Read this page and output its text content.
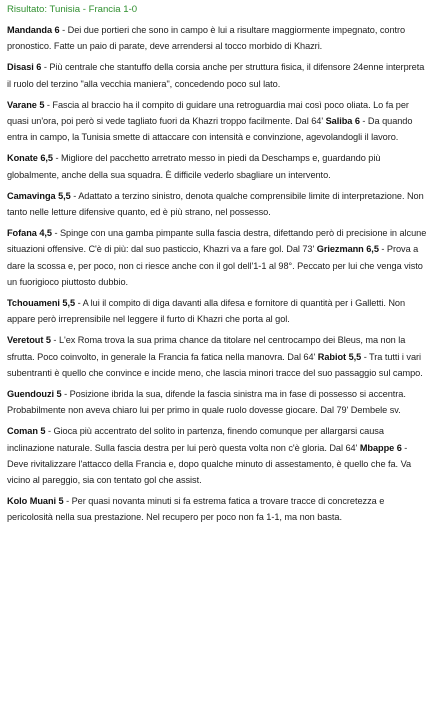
Risultato: Tunisia - Francia 1-0

Mandanda 6 - Dei due portieri che sono in campo è lui a risultare maggiormente impegnato, contro pronostico. Fatte un paio di parate, deve arrendersi al tocco morbido di Khazri.

Disasi 6 - Più centrale che stantuffo della corsia anche per struttura fisica, il difensore 24enne interpreta il ruolo del terzino "alla vecchia maniera", concedendo poco sul lato.

Varane 5 - Fascia al braccio ha il compito di guidare una retroguardia mai così poco oliata. Lo fa per quasi un'ora, poi però si vede tagliato fuori da Khazri troppo facilmente. Dal 64' Saliba 6 - Da quando entra in campo, la Tunisia smette di attaccare con intensità e convinzione, agevolandogli il lavoro.

Konate 6,5 - Migliore del pacchetto arretrato messo in piedi da Deschamps e, guardando più globalmente, anche della sua squadra. È difficile vederlo sbagliare un intervento.

Camavinga 5,5 - Adattato a terzino sinistro, denota qualche comprensibile limite di interpretazione. Non tanto nelle letture difensive quanto, ed è più strano, nel possesso.

Fofana 4,5 - Spinge con una gamba pimpante sulla fascia destra, difettando però di precisione in alcune situazioni offensive. C'è di più: dal suo pasticcio, Khazri va a fare gol. Dal 73' Griezmann 6,5 - Prova a dare la scossa e, per poco, non ci riesce anche con il gol dell'1-1 al 98°. Peccato per lui che venga visto un fuorigioco piuttosto dubbio.

Tchouameni 5,5 - A lui il compito di diga davanti alla difesa e fornitore di quantità per i Galletti. Non appare però irreprensibile nel leggere il furto di Khazri che porta al gol.

Veretout 5 - L'ex Roma trova la sua prima chance da titolare nel centrocampo dei Bleus, ma non la sfrutta. Poco coinvolto, in generale la Francia fa fatica nella manovra. Dal 64' Rabiot 5,5 - Tra tutti i vari subentranti è quello che convince e incide meno, che lascia minori tracce del suo passaggio sul campo.

Guendouzi 5 - Posizione ibrida la sua, difende la fascia sinistra ma in fase di possesso si accentra. Probabilmente non aveva chiaro lui per primo in quale ruolo dovesse giocare. Dal 79' Dembele sv.

Coman 5 - Gioca più accentrato del solito in partenza, finendo comunque per allargarsi causa inclinazione naturale. Sulla fascia destra per lui però questa volta non c'è gloria. Dal 64' Mbappe 6 - Deve rivitalizzare l'attacco della Francia e, dopo qualche minuto di assestamento, è quello che fa. Va vicino al pareggio, sia con tentato gol che assist.

Kolo Muani 5 - Per quasi novanta minuti si fa estrema fatica a trovare tracce di concretezza e pericolosità nella sua prestazione. Nel recupero per poco non fa 1-1, ma non basta.
